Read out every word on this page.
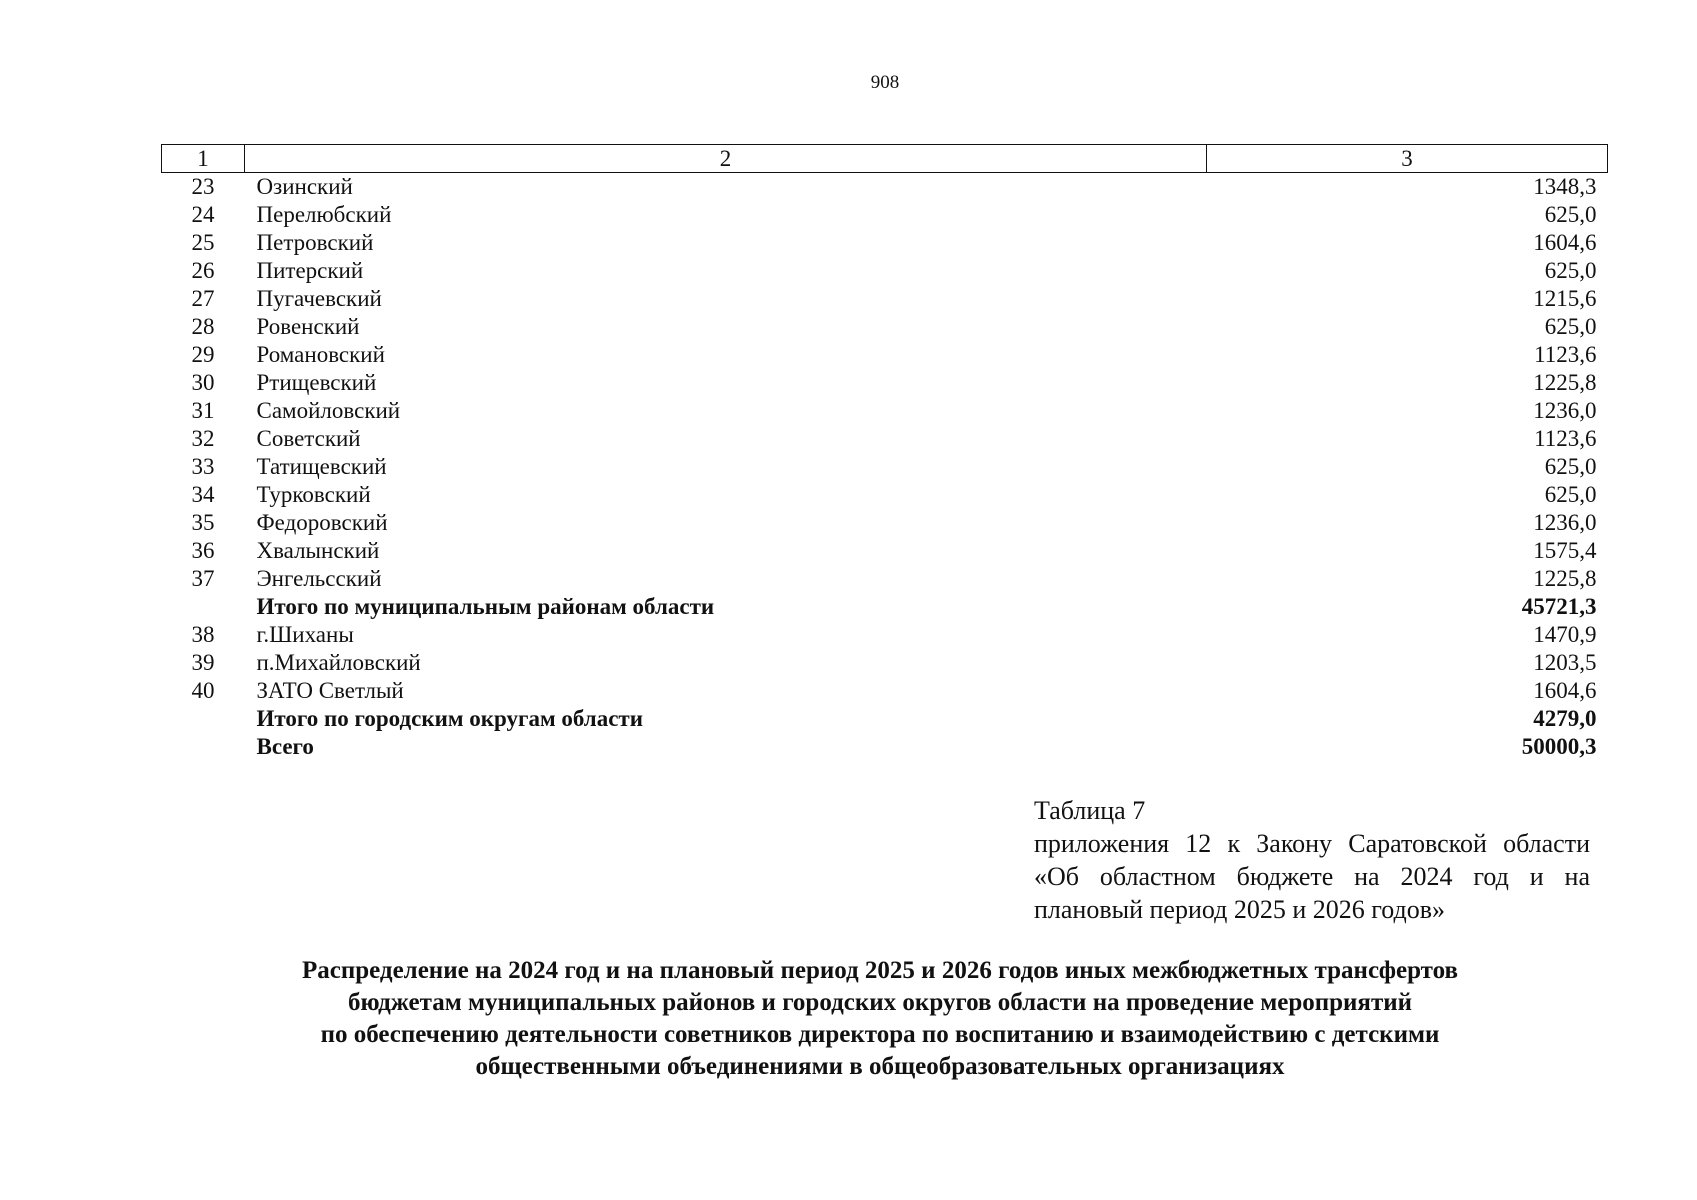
908
1	2	3
23	Озинский	1348,3
24	Перелюбский	625,0
25	Петровский	1604,6
26	Питерский	625,0
27	Пугачевский	1215,6
28	Ровенский	625,0
29	Романовский	1123,6
30	Ртищевский	1225,8
31	Самойловский	1236,0
32	Советский	1123,6
33	Татищевский	625,0
34	Турковский	625,0
35	Федоровский	1236,0
36	Хвалынский	1575,4
37	Энгельсский	1225,8
	Итого по муниципальным районам области	45721,3
38	г.Шиханы	1470,9
39	п.Михайловский	1203,5
40	ЗАТО Светлый	1604,6
	Итого по городским округам области	4279,0
	Всего	50000,3
Таблица 7
приложения 12 к Закону Саратовской области «Об областном бюджете на 2024 год и на плановый период 2025 и 2026 годов»
Распределение на 2024 год и на плановый период 2025 и 2026 годов иных межбюджетных трансфертов
бюджетам муниципальных районов и городских округов области на проведение мероприятий
по обеспечению деятельности советников директора по воспитанию и взаимодействию с детскими
общественными объединениями в общеобразовательных организациях
